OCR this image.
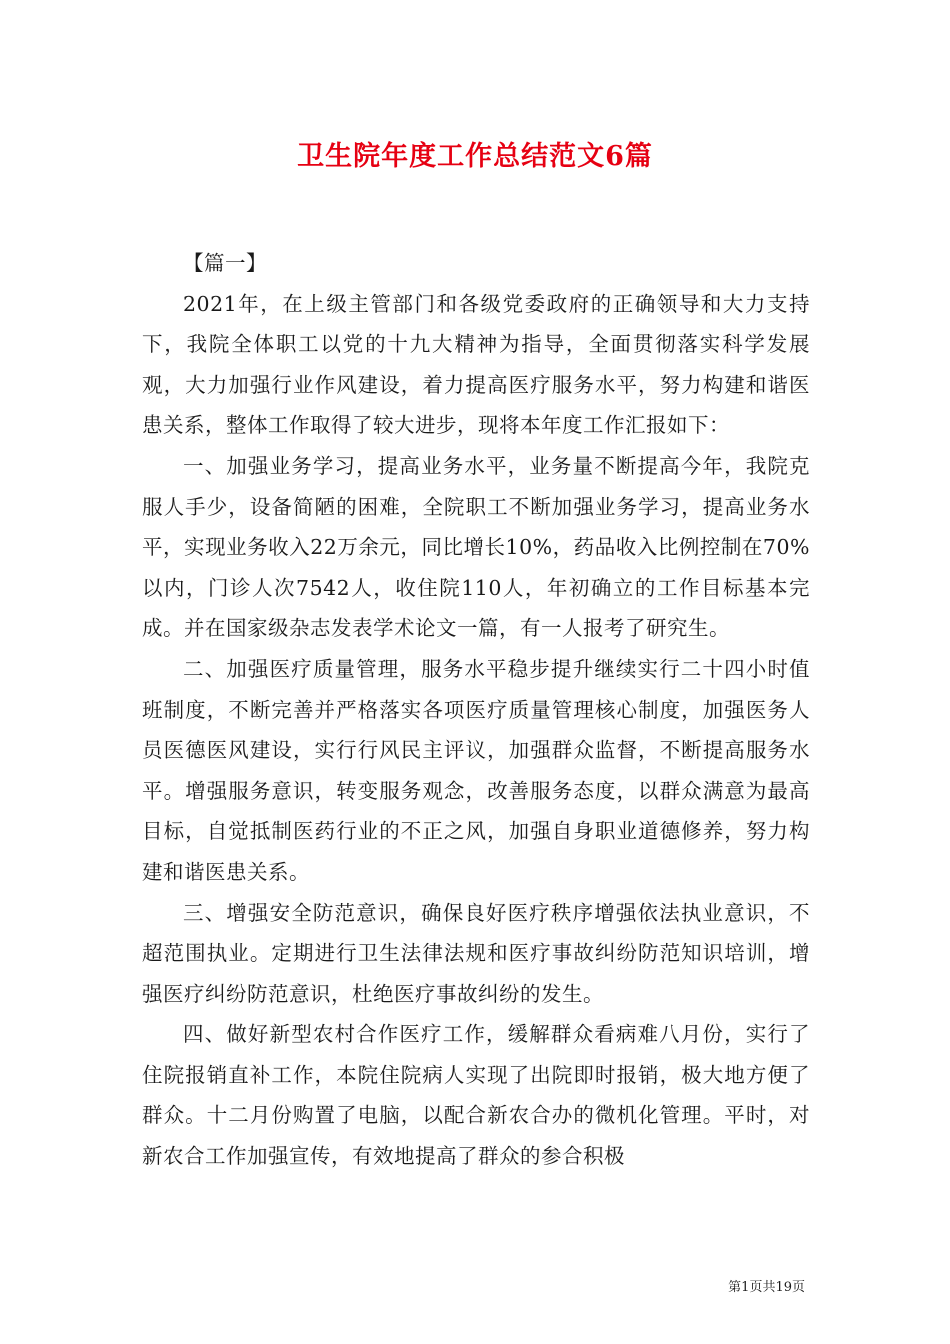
卫生院年度工作总结范文6篇

【篇一】

2021年，在上级主管部门和各级党委政府的正确领导和大力支持下，我院全体职工以党的十九大精神为指导，全面贯彻落实科学发展观，大力加强行业作风建设，着力提高医疗服务水平，努力构建和谐医患关系，整体工作取得了较大进步，现将本年度工作汇报如下：

一、加强业务学习，提高业务水平，业务量不断提高今年，我院克服人手少，设备简陋的困难，全院职工不断加强业务学习，提高业务水平，实现业务收入22万余元，同比增长10%，药品收入比例控制在70%以内，门诊人次7542人，收住院110人，年初确立的工作目标基本完成。并在国家级杂志发表学术论文一篇，有一人报考了研究生。

二、加强医疗质量管理，服务水平稳步提升继续实行二十四小时值班制度，不断完善并严格落实各项医疗质量管理核心制度，加强医务人员医德医风建设，实行行风民主评议，加强群众监督，不断提高服务水平。增强服务意识，转变服务观念，改善服务态度，以群众满意为最高目标，自觉抵制医药行业的不正之风，加强自身职业道德修养，努力构建和谐医患关系。

三、增强安全防范意识，确保良好医疗秩序增强依法执业意识，不超范围执业。定期进行卫生法律法规和医疗事故纠纷防范知识培训，增强医疗纠纷防范意识，杜绝医疗事故纠纷的发生。

四、做好新型农村合作医疗工作，缓解群众看病难八月份，实行了住院报销直补工作，本院住院病人实现了出院即时报销，极大地方便了群众。十二月份购置了电脑，以配合新农合办的微机化管理。平时，对新农合工作加强宣传，有效地提高了群众的参合积极

第1页共19页
